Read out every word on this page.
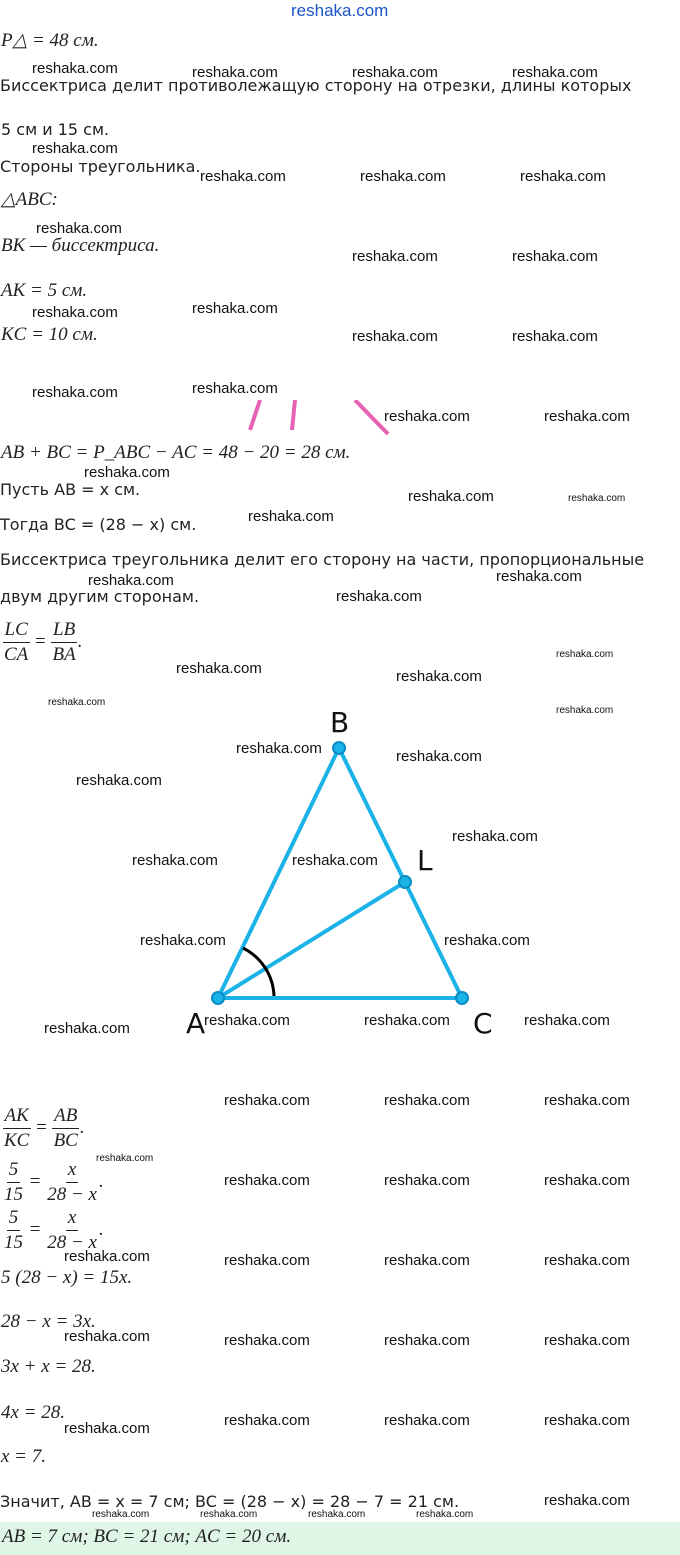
reshaka.com
P△ = 48 см.
Биссектриса делит противолежащую сторону на отрезки, длины которых
5 см и 15 см.
Стороны треугольника.
△ABC:
BK — биссектриса.
AK = 5 см.
KC = 10 см.
AB + BC = P_ABC − AC = 48 − 20 = 28 см.
Пусть AB = x см.
Тогда BC = (28 − x) см.
Биссектриса треугольника делит его сторону на части, пропорциональные
двум другим сторонам.
$\frac{LC}{CA} = \frac{LB}{BA}$ .
B
L
A	C
$\frac{AK}{KC} = \frac{AB}{BC}$ .
$\frac{5}{15} = \frac{x}{28 - x}$ .
$\frac{5}{15} = \frac{x}{28 - x}$ .
5 (28 − x) = 15x.
28 − x = 3x.
3x + x = 28.
4x = 28.
x = 7.
Значит, AB = x = 7 см; BC = (28 − x) = 28 − 7 = 21 см.
AB = 7 см; BC = 21 см; AC = 20 см.
reshaka.com	reshaka.com	reshaka.com	reshaka.com
reshaka.com
reshaka.com	reshaka.com	reshaka.com
reshaka.com
reshaka.com	reshaka.com
reshaka.com
reshaka.com
reshaka.com	reshaka.com
reshaka.com
reshaka.com
reshaka.com	reshaka.com
reshaka.com
reshaka.com	reshaka.com
reshaka.com
reshaka.com
reshaka.com
reshaka.com
reshaka.com
reshaka.com	reshaka.com
reshaka.com
reshaka.com
reshaka.com	reshaka.com
reshaka.com
reshaka.com
reshaka.com	reshaka.com
reshaka.com	reshaka.com
reshaka.com	reshaka.com	reshaka.com
reshaka.com
reshaka.com	reshaka.com	reshaka.com
reshaka.com
reshaka.com	reshaka.com	reshaka.com
reshaka.com	reshaka.com	reshaka.com	reshaka.com
reshaka.com	reshaka.com	reshaka.com	reshaka.com
reshaka.com	reshaka.com	reshaka.com
reshaka.com
reshaka.com
reshaka.com	reshaka.com	reshaka.com	reshaka.com
